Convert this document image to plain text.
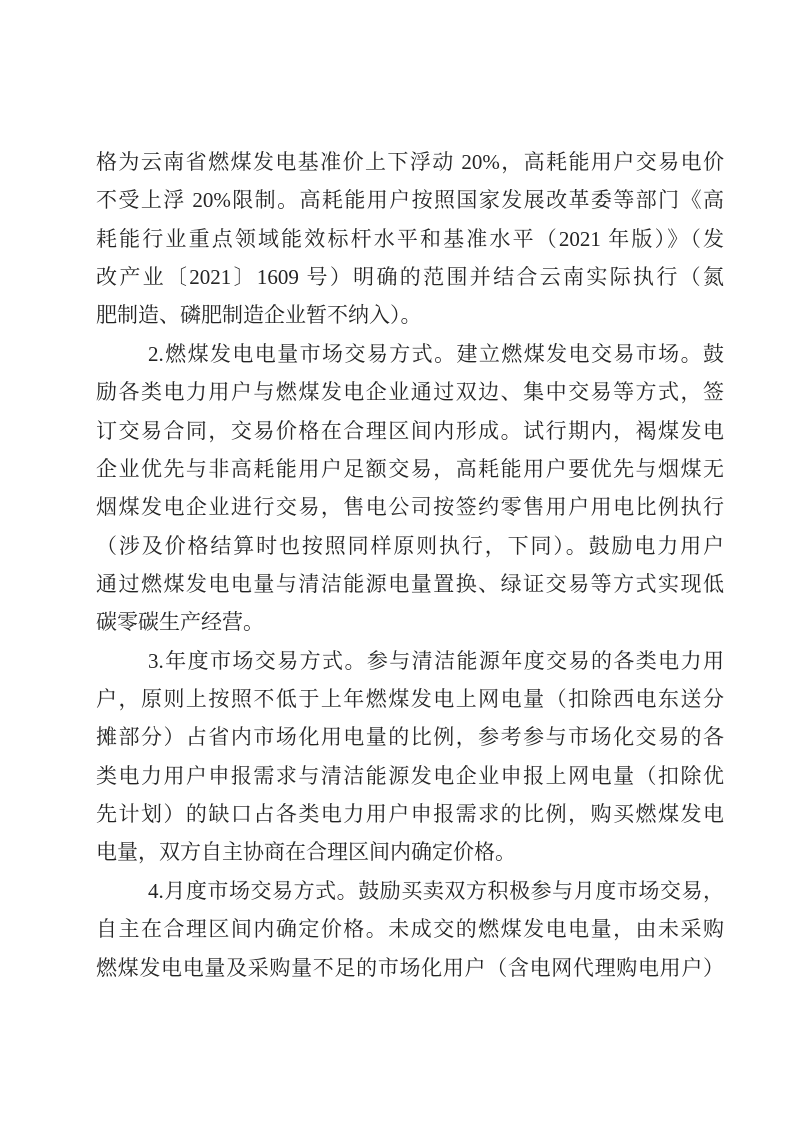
格为云南省燃煤发电基准价上下浮动 20%，高耗能用户交易电价
不受上浮 20%限制。高耗能用户按照国家发展改革委等部门《高
耗能行业重点领域能效标杆水平和基准水平（2021 年版）》（发
改产业〔2021〕1609 号）明确的范围并结合云南实际执行（氮
肥制造、磷肥制造企业暂不纳入）。
2.燃煤发电电量市场交易方式。建立燃煤发电交易市场。鼓
励各类电力用户与燃煤发电企业通过双边、集中交易等方式，签
订交易合同，交易价格在合理区间内形成。试行期内，褐煤发电
企业优先与非高耗能用户足额交易，高耗能用户要优先与烟煤无
烟煤发电企业进行交易，售电公司按签约零售用户用电比例执行
（涉及价格结算时也按照同样原则执行，下同）。鼓励电力用户
通过燃煤发电电量与清洁能源电量置换、绿证交易等方式实现低
碳零碳生产经营。
3.年度市场交易方式。参与清洁能源年度交易的各类电力用
户，原则上按照不低于上年燃煤发电上网电量（扣除西电东送分
摊部分）占省内市场化用电量的比例，参考参与市场化交易的各
类电力用户申报需求与清洁能源发电企业申报上网电量（扣除优
先计划）的缺口占各类电力用户申报需求的比例，购买燃煤发电
电量，双方自主协商在合理区间内确定价格。
4.月度市场交易方式。鼓励买卖双方积极参与月度市场交易，
自主在合理区间内确定价格。未成交的燃煤发电电量，由未采购
燃煤发电电量及采购量不足的市场化用户（含电网代理购电用户）
